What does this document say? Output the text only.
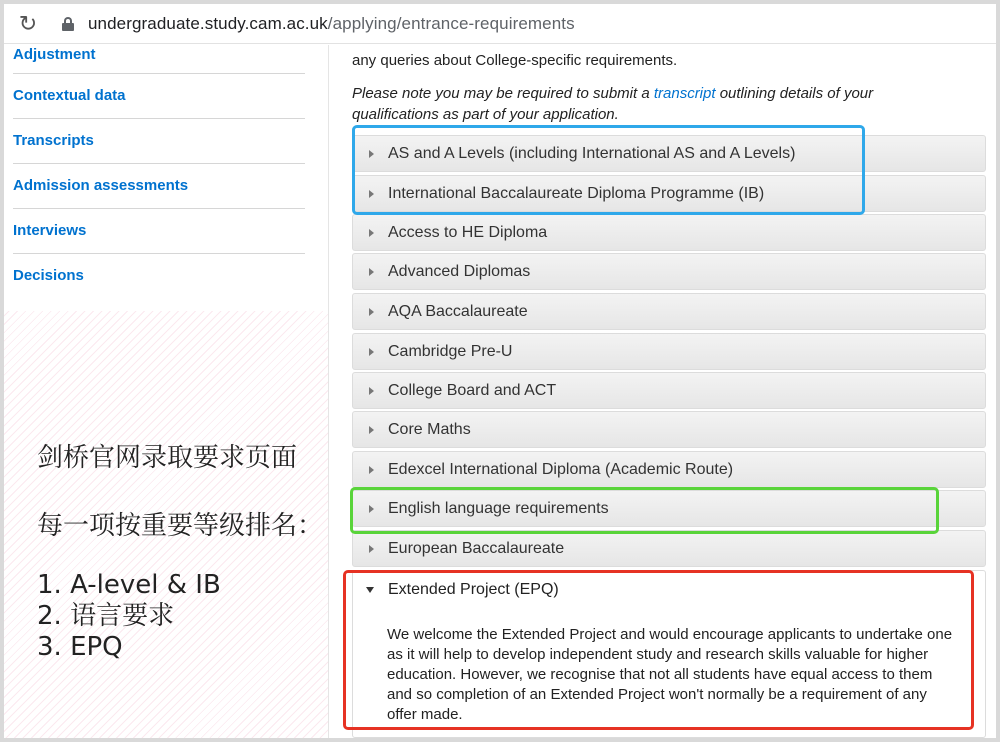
↻	undergraduate.study.cam.ac.uk/applying/entrance-requirements
Adjustment
Contextual data
Transcripts
Admission assessments
Interviews
Decisions
剑桥官网录取要求页面
每一项按重要等级排名：
1. A-level & IB
2. 语言要求
3. EPQ
any queries about College-specific requirements.
Please note you may be required to submit a transcript outlining details of your qualifications as part of your application.
AS and A Levels (including International AS and A Levels)
International Baccalaureate Diploma Programme (IB)
Access to HE Diploma
Advanced Diplomas
AQA Baccalaureate
Cambridge Pre-U
College Board and ACT
Core Maths
Edexcel International Diploma (Academic Route)
English language requirements
European Baccalaureate
Extended Project (EPQ)
We welcome the Extended Project and would encourage applicants to undertake one as it will help to develop independent study and research skills valuable for higher education. However, we recognise that not all students have equal access to them and so completion of an Extended Project won't normally be a requirement of any offer made.
